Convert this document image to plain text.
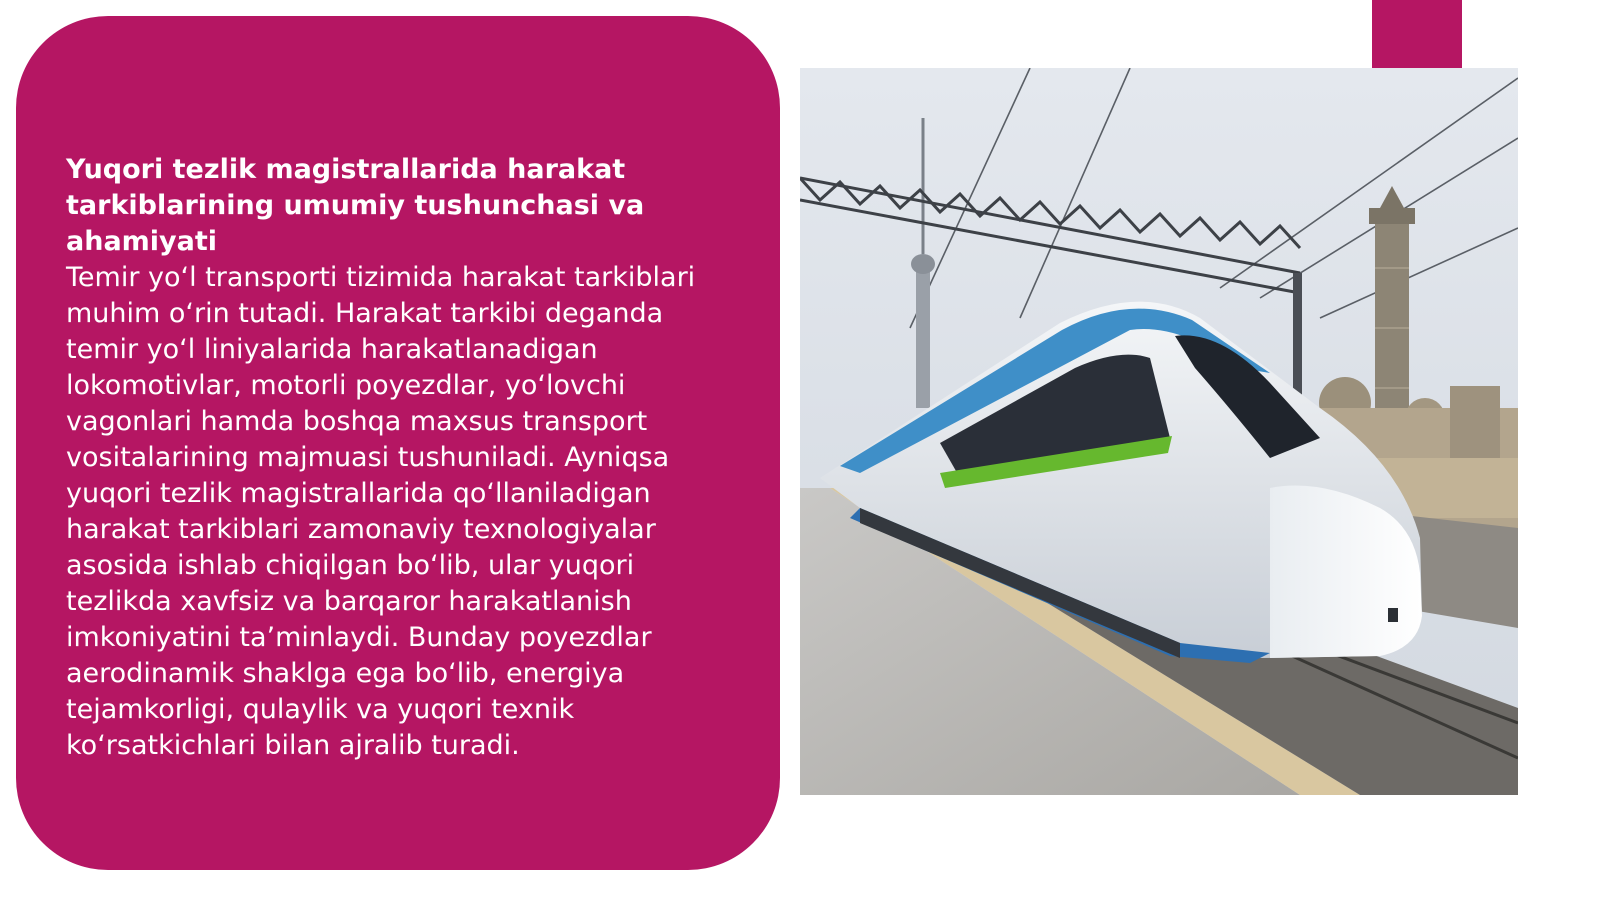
Yuqori tezlik magistrallarida harakat tarkiblarining umumiy tushunchasi va ahamiyati

Temir yo‘l transporti tizimida harakat tarkiblari muhim o‘rin tutadi. Harakat tarkibi deganda temir yo‘l liniyalarida harakatlanadigan lokomotivlar, motorli poyezdlar, yo‘lovchi vagonlari hamda boshqa maxsus transport vositalarining majmuasi tushuniladi. Ayniqsa yuqori tezlik magistrallarida qo‘llaniladigan harakat tarkiblari zamonaviy texnologiyalar asosida ishlab chiqilgan bo‘lib, ular yuqori tezlikda xavfsiz va barqaror harakatlanish imkoniyatini ta’minlaydi. Bunday poyezdlar aerodinamik shaklga ega bo‘lib, energiya tejamkorligi, qulaylik va yuqori texnik ko‘rsatkichlari bilan ajralib turadi.
